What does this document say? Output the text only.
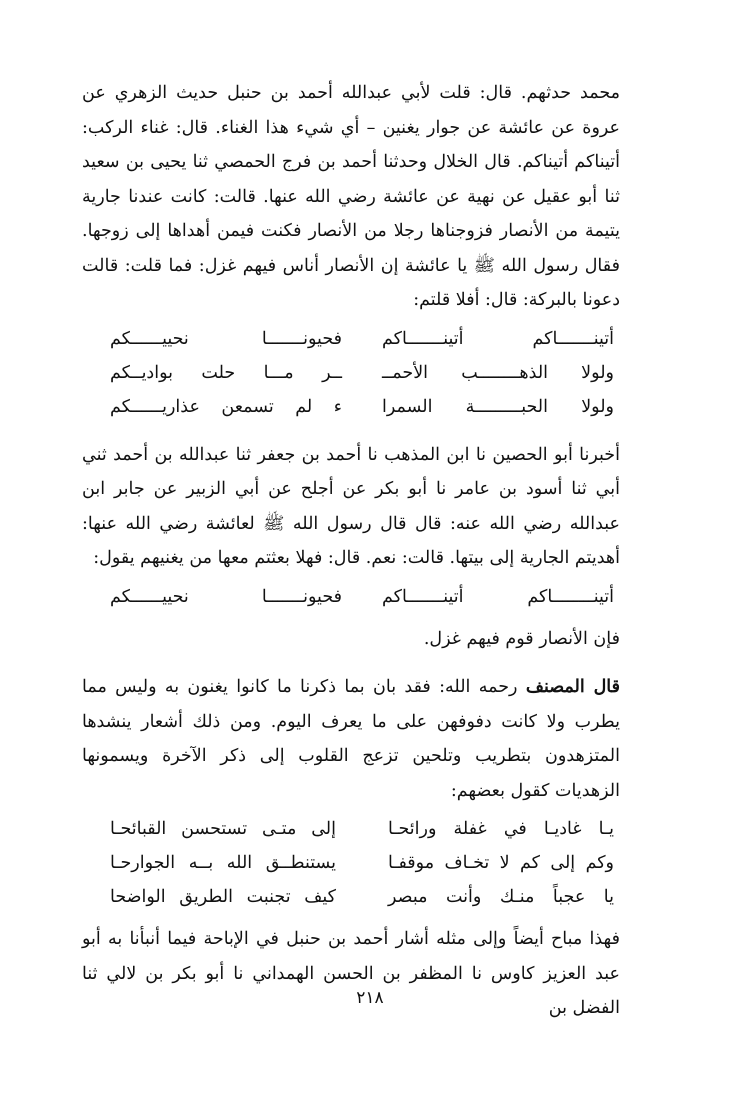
محمد حدثهم. قال: قلت لأبي عبدالله أحمد بن حنبل حديث الزهري عن عروة عن عائشة عن جوار يغنين – أي شيء هذا الغناء. قال: غناء الركب: أتيناكم أتيناكم. قال الخلال وحدثنا أحمد بن فرج الحمصي ثنا يحيى بن سعيد ثنا أبو عقيل عن نهية عن عائشة رضي الله عنها. قالت: كانت عندنا جارية يتيمة من الأنصار فزوجناها رجلا من الأنصار فكنت فيمن أهداها إلى زوجها. فقال رسول الله ﷺ يا عائشة إن الأنصار أناس فيهم غزل: فما قلت: قالت دعونا بالبركة: قال: أفلا قلتم:

أتينـــــــاكم أتينـــــــاكم
فحيونـــــــا نحييــــــكم
ولولا الذهــــــــب الأحمــ
ــر مـــا حلت بواديــكم
ولولا الحبـــــــــة السمرا
ء لم تسمعن عذاريــــــكم

أخبرنا أبو الحصين نا ابن المذهب نا أحمد بن جعفر ثنا عبدالله بن أحمد ثني أبي ثنا أسود بن عامر نا أبو بكر عن أجلح عن أبي الزبير عن جابر ابن عبدالله رضي الله عنه: قال قال رسول الله ﷺ لعائشة رضي الله عنها: أهديتم الجارية إلى بيتها. قالت: نعم. قال: فهلا بعثتم معها من يغنيهم يقول:

أتينــــــــاكم أتينـــــــاكم
فحيونـــــــا نحييــــــكم

فإن الأنصار قوم فيهم غزل.

قال المصنف رحمه الله: فقد بان بما ذكرنا ما كانوا يغنون به وليس مما يطرب ولا كانت دفوفهن على ما يعرف اليوم. ومن ذلك أشعار ينشدها المتزهدون بتطريب وتلحين تزعج القلوب إلى ذكر الآخرة ويسمونها الزهديات كقول بعضهم:

يـا غاديـا في غفلة ورائحـا
إلى متـى تستحسن القبائحـا
وكم إلى كم لا تخـاف موقفـا
يستنطــق الله بــه الجوارحـا
يا عجباً منـك وأنت مبصر
كيف تجنبت الطريق الواضحا

فهذا مباح أيضاً وإلى مثله أشار أحمد بن حنبل في الإباحة فيما أنبأنا به أبو عبد العزيز كاوس نا المظفر بن الحسن الهمداني نا أبو بكر بن لالي ثنا الفضل بن

٢١٨
